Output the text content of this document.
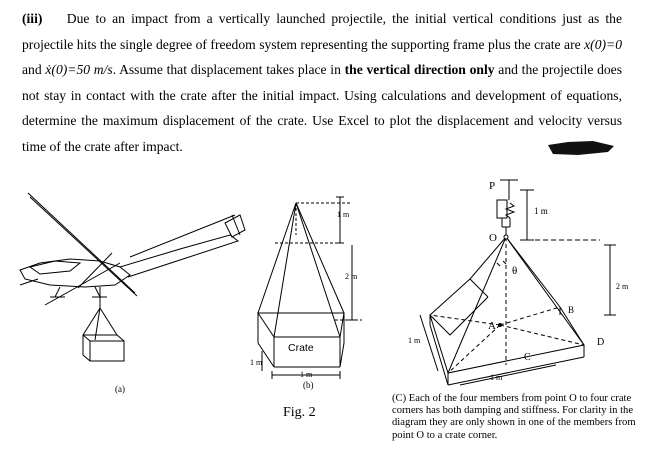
(iii) Due to an impact from a vertically launched projectile, the initial vertical conditions just as the projectile hits the single degree of freedom system representing the supporting frame plus the crate are x(0)=0 and ẋ(0)=50 m/s. Assume that displacement takes place in the vertical direction only and the projectile does not stay in contact with the crate after the initial impact. Using calculations and development of equations, determine the maximum displacement of the crate. Use Excel to plot the displacement and velocity versus time of the crate after impact.
(a)	(b)
Fig. 2
1 m
2 m
Crate
1 m
1 m
P
O
1 m
θ
2 m
A
B
C
D
1 m
1 m
(C) Each of the four members from point O to four crate corners has both damping and stiffness. For clarity in the diagram they are only shown in one of the members from point O to a crate corner.
